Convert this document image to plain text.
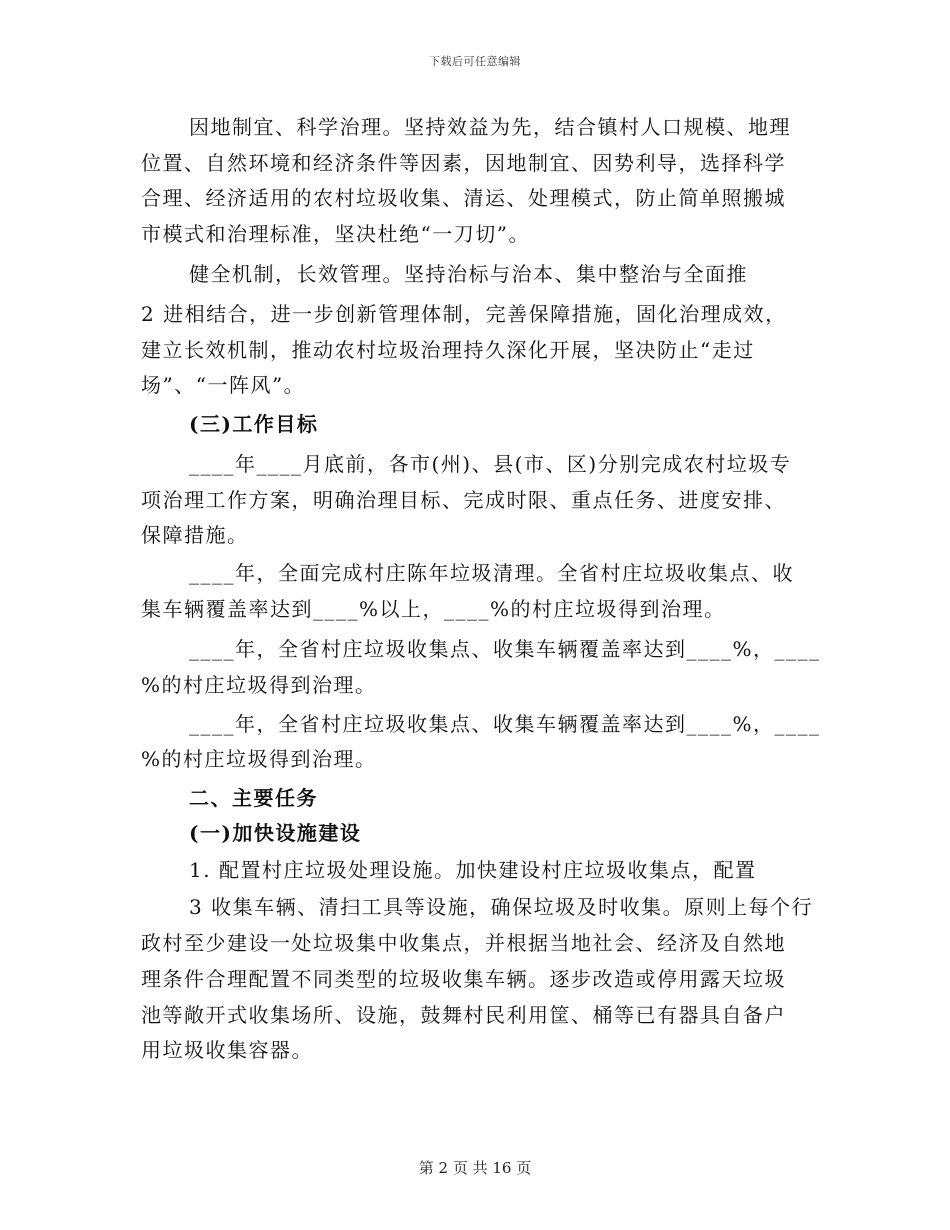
下载后可任意编辑
因地制宜、科学治理。坚持效益为先，结合镇村人口规模、地理
位置、自然环境和经济条件等因素，因地制宜、因势利导，选择科学
合理、经济适用的农村垃圾收集、清运、处理模式，防止简单照搬城
市模式和治理标准，坚决杜绝“一刀切”。
健全机制，长效管理。坚持治标与治本、集中整治与全面推
2 进相结合，进一步创新管理体制，完善保障措施，固化治理成效，
建立长效机制，推动农村垃圾治理持久深化开展，坚决防止“走过
场”、“一阵风”。
(三)工作目标
____年____月底前，各市(州)、县(市、区)分别完成农村垃圾专
项治理工作方案，明确治理目标、完成时限、重点任务、进度安排、
保障措施。
____年，全面完成村庄陈年垃圾清理。全省村庄垃圾收集点、收
集车辆覆盖率达到____%以上，____%的村庄垃圾得到治理。
____年，全省村庄垃圾收集点、收集车辆覆盖率达到____%，____
%的村庄垃圾得到治理。
____年，全省村庄垃圾收集点、收集车辆覆盖率达到____%，____
%的村庄垃圾得到治理。
二、主要任务
(一)加快设施建设
1. 配置村庄垃圾处理设施。加快建设村庄垃圾收集点，配置
3 收集车辆、清扫工具等设施，确保垃圾及时收集。原则上每个行
政村至少建设一处垃圾集中收集点，并根据当地社会、经济及自然地
理条件合理配置不同类型的垃圾收集车辆。逐步改造或停用露天垃圾
池等敞开式收集场所、设施，鼓舞村民利用筐、桶等已有器具自备户
用垃圾收集容器。
第 2 页 共 16 页
